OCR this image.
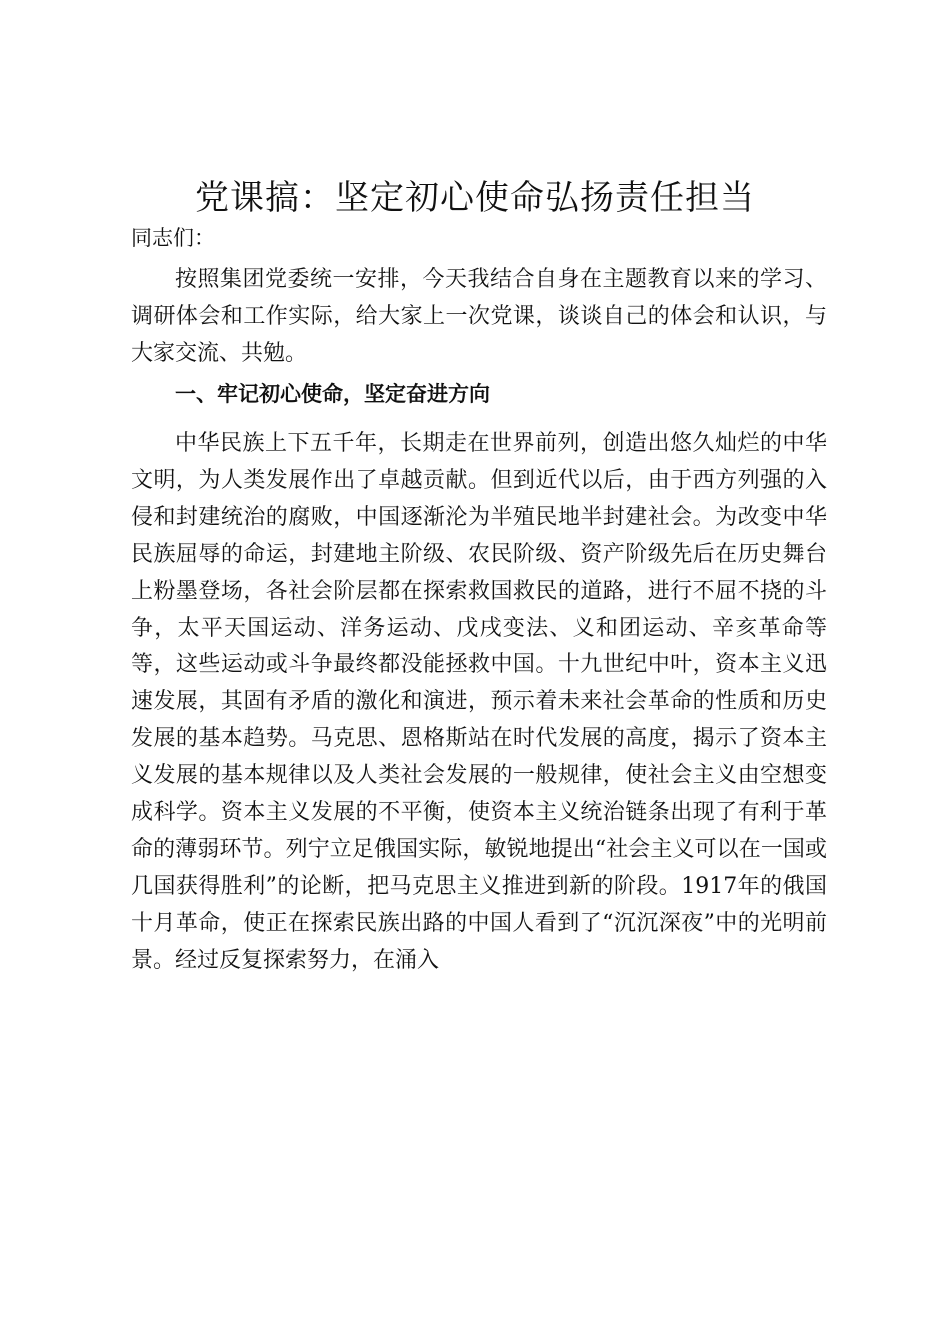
党课搞：坚定初心使命弘扬责任担当
同志们：

按照集团党委统一安排，今天我结合自身在主题教育以来的学习、调研体会和工作实际，给大家上一次党课，谈谈自己的体会和认识，与大家交流、共勉。

一、牢记初心使命，坚定奋进方向

中华民族上下五千年，长期走在世界前列，创造出悠久灿烂的中华文明，为人类发展作出了卓越贡献。但到近代以后，由于西方列强的入侵和封建统治的腐败，中国逐渐沦为半殖民地半封建社会。为改变中华民族屈辱的命运，封建地主阶级、农民阶级、资产阶级先后在历史舞台上粉墨登场，各社会阶层都在探索救国救民的道路，进行不屈不挠的斗争，太平天国运动、洋务运动、戊戌变法、义和团运动、辛亥革命等等，这些运动或斗争最终都没能拯救中国。十九世纪中叶，资本主义迅速发展，其固有矛盾的激化和演进，预示着未来社会革命的性质和历史发展的基本趋势。马克思、恩格斯站在时代发展的高度，揭示了资本主义发展的基本规律以及人类社会发展的一般规律，使社会主义由空想变成科学。资本主义发展的不平衡，使资本主义统治链条出现了有利于革命的薄弱环节。列宁立足俄国实际，敏锐地提出“社会主义可以在一国或几国获得胜利”的论断，把马克思主义推进到新的阶段。1917年的俄国十月革命，使正在探索民族出路的中国人看到了“沉沉深夜”中的光明前景。经过反复探索努力，在涌入
